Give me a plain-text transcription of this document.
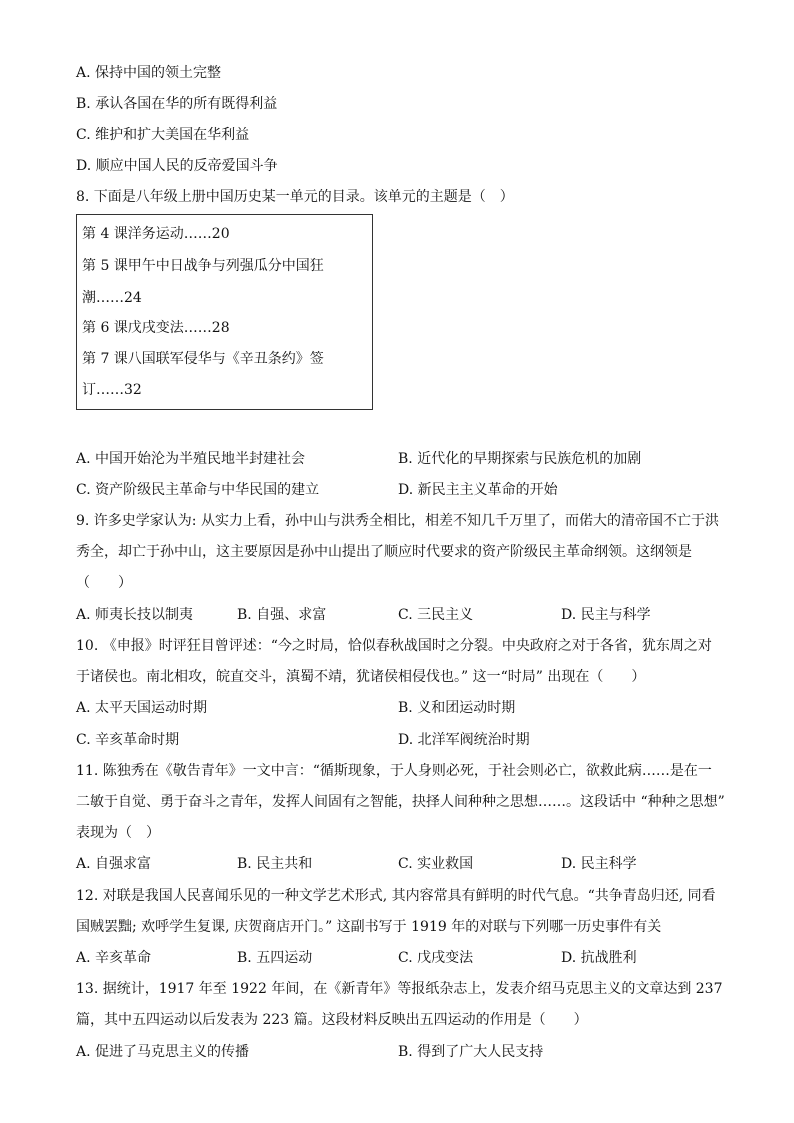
A. 保持中国的领土完整
B. 承认各国在华的所有既得利益
C. 维护和扩大美国在华利益
D. 顺应中国人民的反帝爱国斗争
8. 下面是八年级上册中国历史某一单元的目录。该单元的主题是（　）
第 4 课洋务运动……20
第 5 课甲午中日战争与列强瓜分中国狂
潮……24
第 6 课戊戌变法……28
第 7 课八国联军侵华与《辛丑条约》签
订……32
A. 中国开始沦为半殖民地半封建社会	B. 近代化的早期探索与民族危机的加剧
C. 资产阶级民主革命与中华民国的建立	D. 新民主主义革命的开始
9. 许多史学家认为: 从实力上看，孙中山与洪秀全相比，相差不知几千万里了，而偌大的清帝国不亡于洪
秀全，却亡于孙中山，这主要原因是孙中山提出了顺应时代要求的资产阶级民主革命纲领。这纲领是
（　　）
A. 师夷长技以制夷	B. 自强、求富	C. 三民主义	D. 民主与科学
10. 《申报》时评狂目曾评述：“今之时局，恰似春秋战国时之分裂。中央政府之对于各省，犹东周之对
于诸侯也。南北相攻，皖直交斗，滇蜀不靖，犹诸侯相侵伐也。” 这一“时局” 出现在（　　）
A. 太平天国运动时期	B. 义和团运动时期
C. 辛亥革命时期	D. 北洋军阀统治时期
11. 陈独秀在《敬告青年》一文中言：“循斯现象，于人身则必死，于社会则必亡，欲救此病……是在一
二敏于自觉、勇于奋斗之青年，发挥人间固有之智能，抉择人间种种之思想……。这段话中 “种种之思想”
表现为（　）
A. 自强求富	B. 民主共和	C. 实业救国	D. 民主科学
12. 对联是我国人民喜闻乐见的一种文学艺术形式, 其内容常具有鲜明的时代气息。“共争青岛归还, 同看
国贼罢黜; 欢呼学生复课, 庆贺商店开门。” 这副书写于 1919 年的对联与下列哪一历史事件有关
A. 辛亥革命	B. 五四运动	C. 戊戌变法	D. 抗战胜利
13. 据统计，1917 年至 1922 年间，在《新青年》等报纸杂志上，发表介绍马克思主义的文章达到 237
篇，其中五四运动以后发表为 223 篇。这段材料反映出五四运动的作用是（　　）
A. 促进了马克思主义的传播	B. 得到了广大人民支持
